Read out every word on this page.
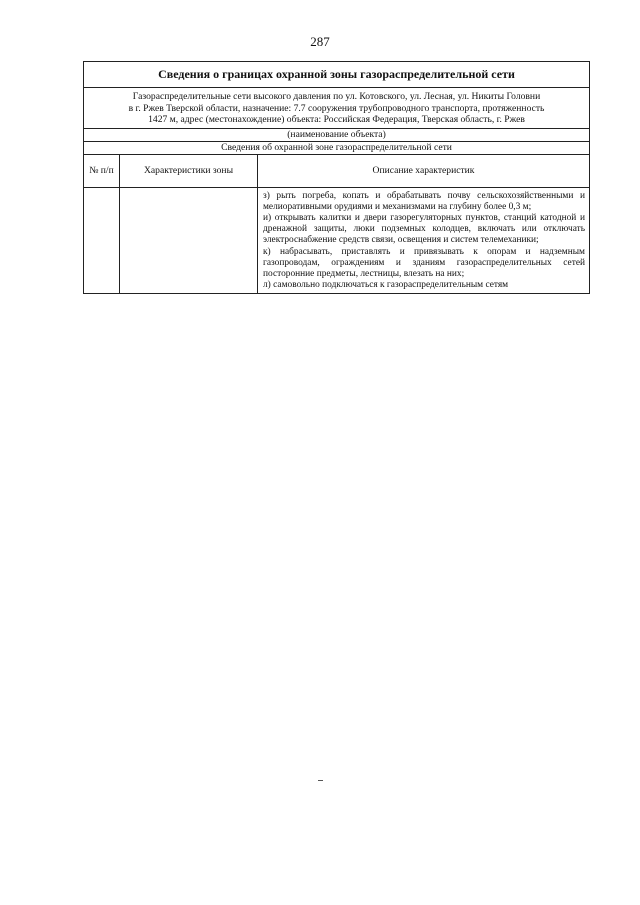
287
Сведения о границах охранной зоны газораспределительной сети
Газораспределительные сети высокого давления по ул. Котовского, ул. Лесная, ул. Никиты Головни
в г. Ржев Тверской области, назначение: 7.7 сооружения трубопроводного транспорта, протяженность
1427 м, адрес (местонахождение) объекта: Российская Федерация, Тверская область, г. Ржев
(наименование объекта)
Сведения об охранной зоне газораспределительной сети
№ п/п	Характеристики зоны	Описание характеристик

з) рыть погреба, копать и обрабатывать почву сельскохозяйственными и мелиоративными орудиями и механизмами на глубину более 0,3 м;

и) открывать калитки и двери газорегуляторных пунктов, станций катодной и дренажной защиты, люки подземных колодцев, включать или отключать электроснабжение средств связи, освещения и систем телемеханики;

к) набрасывать, приставлять и привязывать к опорам и надземным газопроводам, ограждениям и зданиям газораспределительных сетей посторонние предметы, лестницы, влезать на них;

л) самовольно подключаться к газораспределительным сетям
